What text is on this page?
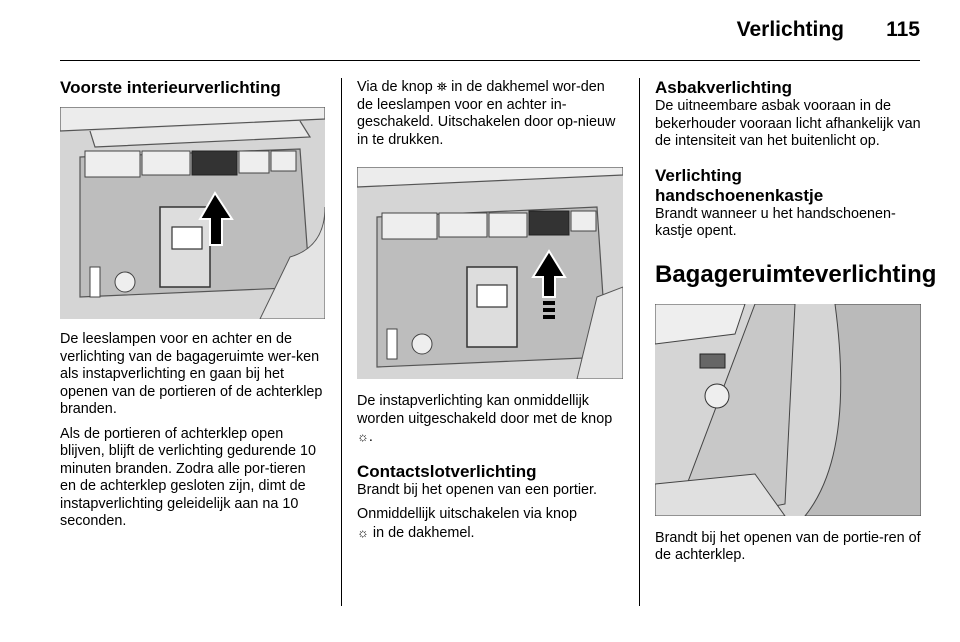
Verlichting 115
Voorste interieurverlichting

De leeslampen voor en achter en de verlichting van de bagageruimte wer-ken als instapverlichting en gaan bij het openen van de portieren of de achterklep branden.

Als de portieren of achterklep open blijven, blijft de verlichting gedurende 10 minuten branden. Zodra alle por-tieren en de achterklep gesloten zijn, dimt de instapverlichting geleidelijk aan na 10 seconden.

Via de knop ⛯ in de dakhemel wor-den de leeslampen voor en achter in-geschakeld. Uitschakelen door op-nieuw in te drukken.

De instapverlichting kan onmiddellijk worden uitgeschakeld door met de knop ☼.

Contactslotverlichting

Brandt bij het openen van een portier.

Onmiddellijk uitschakelen via knop
☼ in de dakhemel.

Asbakverlichting

De uitneembare asbak vooraan in de bekerhouder vooraan licht afhankelijk van de intensiteit van het buitenlicht op.

Verlichting
handschoenenkastje

Brandt wanneer u het handschoenen-kastje opent.

Bagageruimteverlichting

Brandt bij het openen van de portie-ren of de achterklep.
